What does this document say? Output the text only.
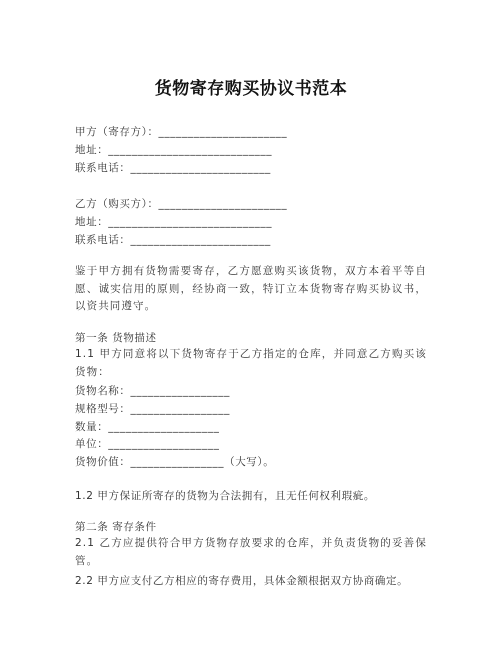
货物寄存购买协议书范本
甲方（寄存方）：______________________
地址：____________________________
联系电话：________________________
乙方（购买方）：______________________
地址：____________________________
联系电话：________________________
鉴于甲方拥有货物需要寄存，乙方愿意购买该货物，双方本着平等自愿、诚实信用的原则，经协商一致，特订立本货物寄存购买协议书，以资共同遵守。
第一条 货物描述
1.1 甲方同意将以下货物寄存于乙方指定的仓库，并同意乙方购买该货物：
货物名称：_________________
规格型号：_________________
数量：___________________
单位：___________________
货物价值：________________（大写）。
1.2 甲方保证所寄存的货物为合法拥有，且无任何权利瑕疵。
第二条 寄存条件
2.1 乙方应提供符合甲方货物存放要求的仓库，并负责货物的妥善保管。
2.2 甲方应支付乙方相应的寄存费用，具体金额根据双方协商确定。
